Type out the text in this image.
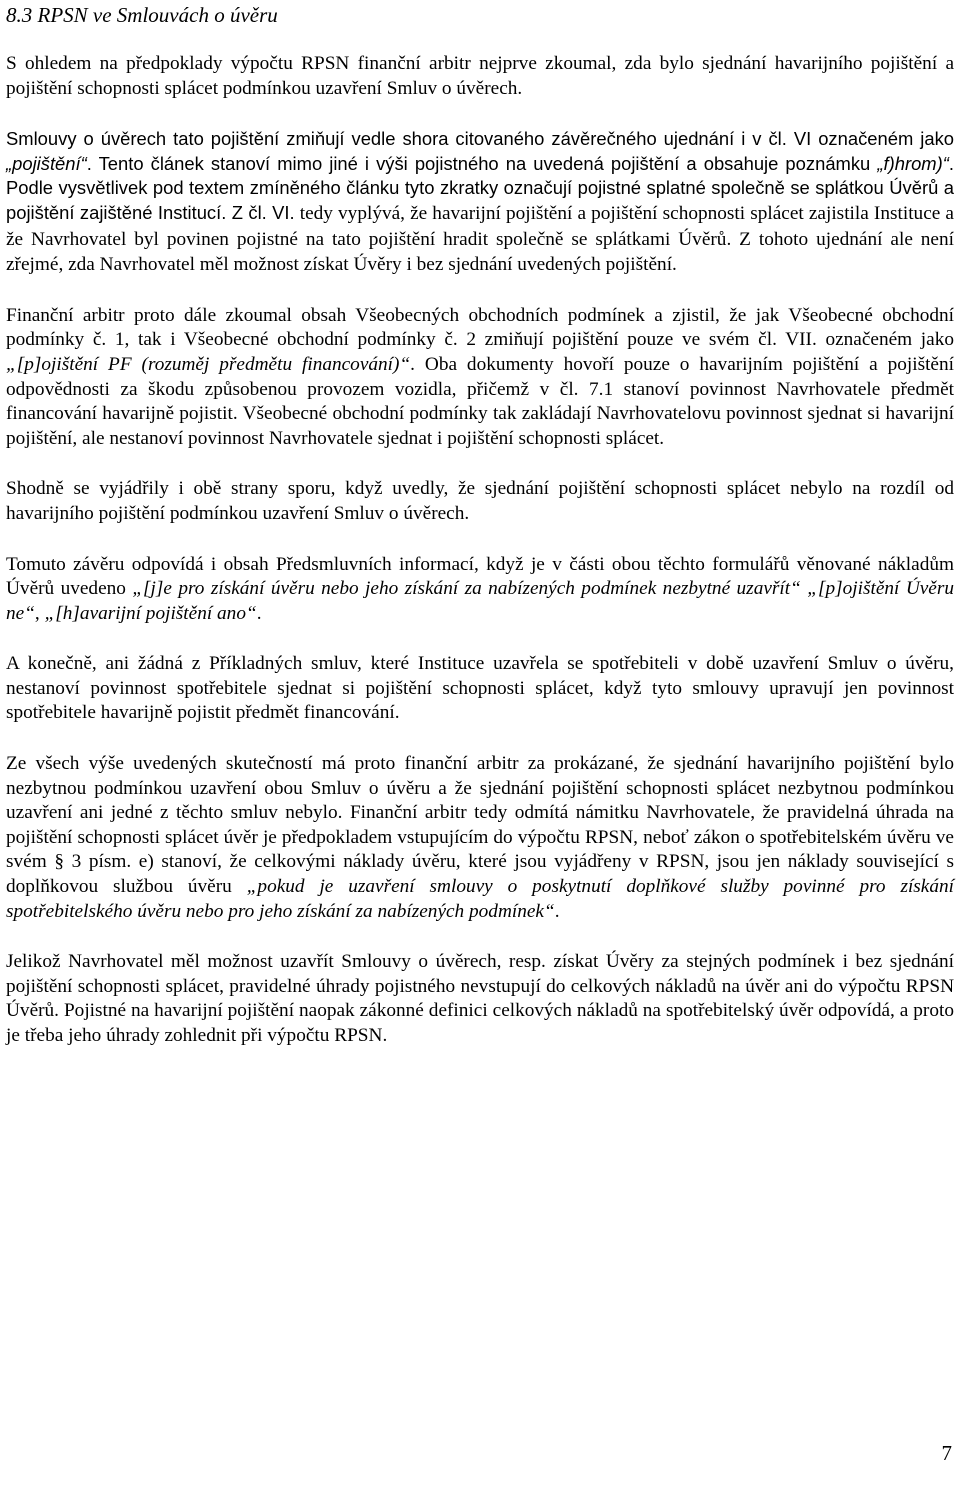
8.3 RPSN ve Smlouvách o úvěru

S ohledem na předpoklady výpočtu RPSN finanční arbitr nejprve zkoumal, zda bylo sjednání havarijního pojištění a pojištění schopnosti splácet podmínkou uzavření Smluv o úvěrech.

Smlouvy o úvěrech tato pojištění zmiňují vedle shora citovaného závěrečného ujednání i v čl. VI označeném jako „pojištění“. Tento článek stanoví mimo jiné i výši pojistného na uvedená pojištění a obsahuje poznámku „f)hrom)“. Podle vysvětlivek pod textem zmíněného článku tyto zkratky označují pojistné splatné společně se splátkou Úvěrů a pojištění zajištěné Institucí. Z čl. VI. tedy vyplývá, že havarijní pojištění a pojištění schopnosti splácet zajistila Instituce a že Navrhovatel byl povinen pojistné na tato pojištění hradit společně se splátkami Úvěrů. Z tohoto ujednání ale není zřejmé, zda Navrhovatel měl možnost získat Úvěry i bez sjednání uvedených pojištění.

Finanční arbitr proto dále zkoumal obsah Všeobecných obchodních podmínek a zjistil, že jak Všeobecné obchodní podmínky č. 1, tak i Všeobecné obchodní podmínky č. 2 zmiňují pojištění pouze ve svém čl. VII. označeném jako „[p]ojištění PF (rozuměj předmětu financování)“. Oba dokumenty hovoří pouze o havarijním pojištění a pojištění odpovědnosti za škodu způsobenou provozem vozidla, přičemž v čl. 7.1 stanoví povinnost Navrhovatele předmět financování havarijně pojistit. Všeobecné obchodní podmínky tak zakládají Navrhovatelovu povinnost sjednat si havarijní pojištění, ale nestanoví povinnost Navrhovatele sjednat i pojištění schopnosti splácet.

Shodně se vyjádřily i obě strany sporu, když uvedly, že sjednání pojištění schopnosti splácet nebylo na rozdíl od havarijního pojištění podmínkou uzavření Smluv o úvěrech.

Tomuto závěru odpovídá i obsah Předsmluvních informací, když je v části obou těchto formulářů věnované nákladům Úvěrů uvedeno „[j]e pro získání úvěru nebo jeho získání za nabízených podmínek nezbytné uzavřít“ „[p]ojištění Úvěru ne“, „[h]avarijní pojištění ano“.

A konečně, ani žádná z Příkladných smluv, které Instituce uzavřela se spotřebiteli v době uzavření Smluv o úvěru, nestanoví povinnost spotřebitele sjednat si pojištění schopnosti splácet, když tyto smlouvy upravují jen povinnost spotřebitele havarijně pojistit předmět financování.

Ze všech výše uvedených skutečností má proto finanční arbitr za prokázané, že sjednání havarijního pojištění bylo nezbytnou podmínkou uzavření obou Smluv o úvěru a že sjednání pojištění schopnosti splácet nezbytnou podmínkou uzavření ani jedné z těchto smluv nebylo. Finanční arbitr tedy odmítá námitku Navrhovatele, že pravidelná úhrada na pojištění schopnosti splácet úvěr je předpokladem vstupujícím do výpočtu RPSN, neboť zákon o spotřebitelském úvěru ve svém § 3 písm. e) stanoví, že celkovými náklady úvěru, které jsou vyjádřeny v RPSN, jsou jen náklady související s doplňkovou službou úvěru „pokud je uzavření smlouvy o poskytnutí doplňkové služby povinné pro získání spotřebitelského úvěru nebo pro jeho získání za nabízených podmínek“.

Jelikož Navrhovatel měl možnost uzavřít Smlouvy o úvěrech, resp. získat Úvěry za stejných podmínek i bez sjednání pojištění schopnosti splácet, pravidelné úhrady pojistného nevstupují do celkových nákladů na úvěr ani do výpočtu RPSN Úvěrů. Pojistné na havarijní pojištění naopak zákonné definici celkových nákladů na spotřebitelský úvěr odpovídá, a proto je třeba jeho úhrady zohlednit při výpočtu RPSN.

7
